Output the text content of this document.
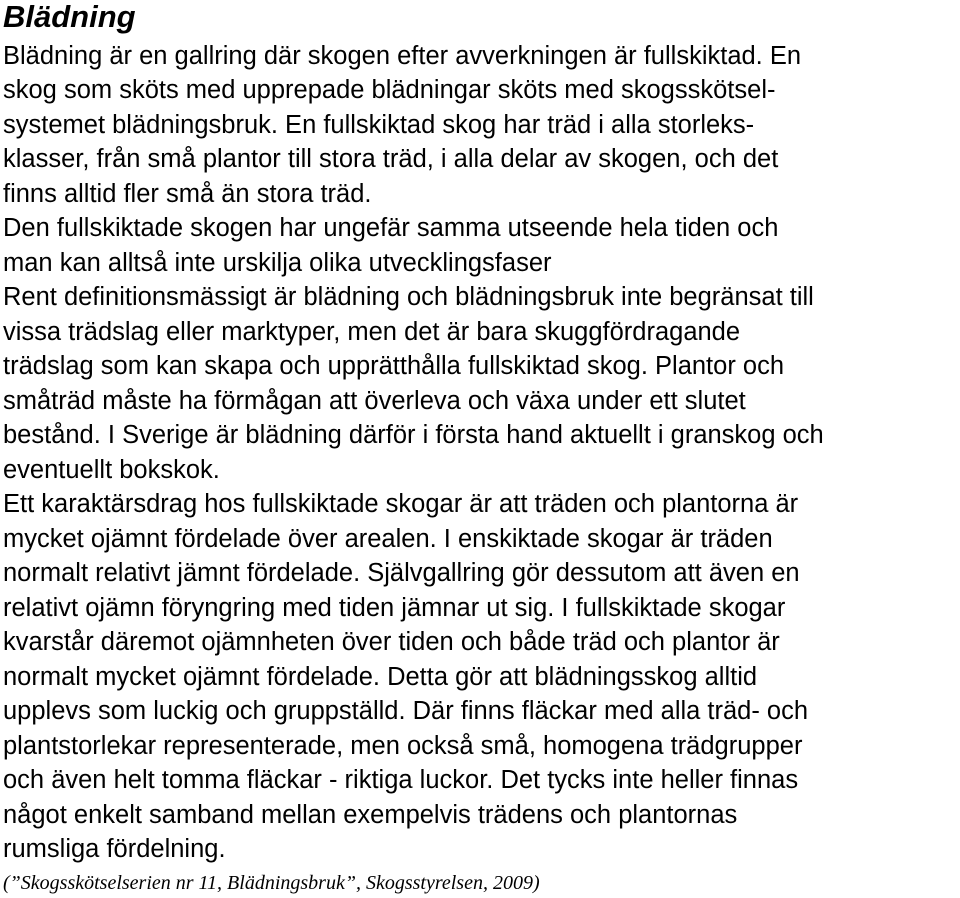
Blädning

Blädning är en gallring där skogen efter avverkningen är fullskiktad. En

skog som sköts med upprepade blädningar sköts med skogsskötsel-

systemet blädningsbruk. En fullskiktad skog har träd i alla storleks-

klasser, från små plantor till stora träd, i alla delar av skogen, och det

finns alltid fler små än stora träd.

Den fullskiktade skogen har ungefär samma utseende hela tiden och

man kan alltså inte urskilja olika utvecklingsfaser

Rent definitionsmässigt är blädning och blädningsbruk inte begränsat till

vissa trädslag eller marktyper, men det är bara skuggfördragande

trädslag som kan skapa och upprätthålla fullskiktad skog. Plantor och

småträd måste ha förmågan att överleva och växa under ett slutet

bestånd. I Sverige är blädning därför i första hand aktuellt i granskog och

eventuellt bokskok.

Ett karaktärsdrag hos fullskiktade skogar är att träden och plantorna är

mycket ojämnt fördelade över arealen. I enskiktade skogar är träden

normalt relativt jämnt fördelade. Självgallring gör dessutom att även en

relativt ojämn föryngring med tiden jämnar ut sig. I fullskiktade skogar

kvarstår däremot ojämnheten över tiden och både träd och plantor är

normalt mycket ojämnt fördelade. Detta gör att blädningsskog alltid

upplevs som luckig och gruppställd. Där finns fläckar med alla träd- och

plantstorlekar representerade, men också små, homogena trädgrupper

och även helt tomma fläckar - riktiga luckor. Det tycks inte heller finnas

något enkelt samband mellan exempelvis trädens och plantornas

rumsliga fördelning.

(”Skogsskötselserien nr 11, Blädningsbruk”, Skogsstyrelsen, 2009)
